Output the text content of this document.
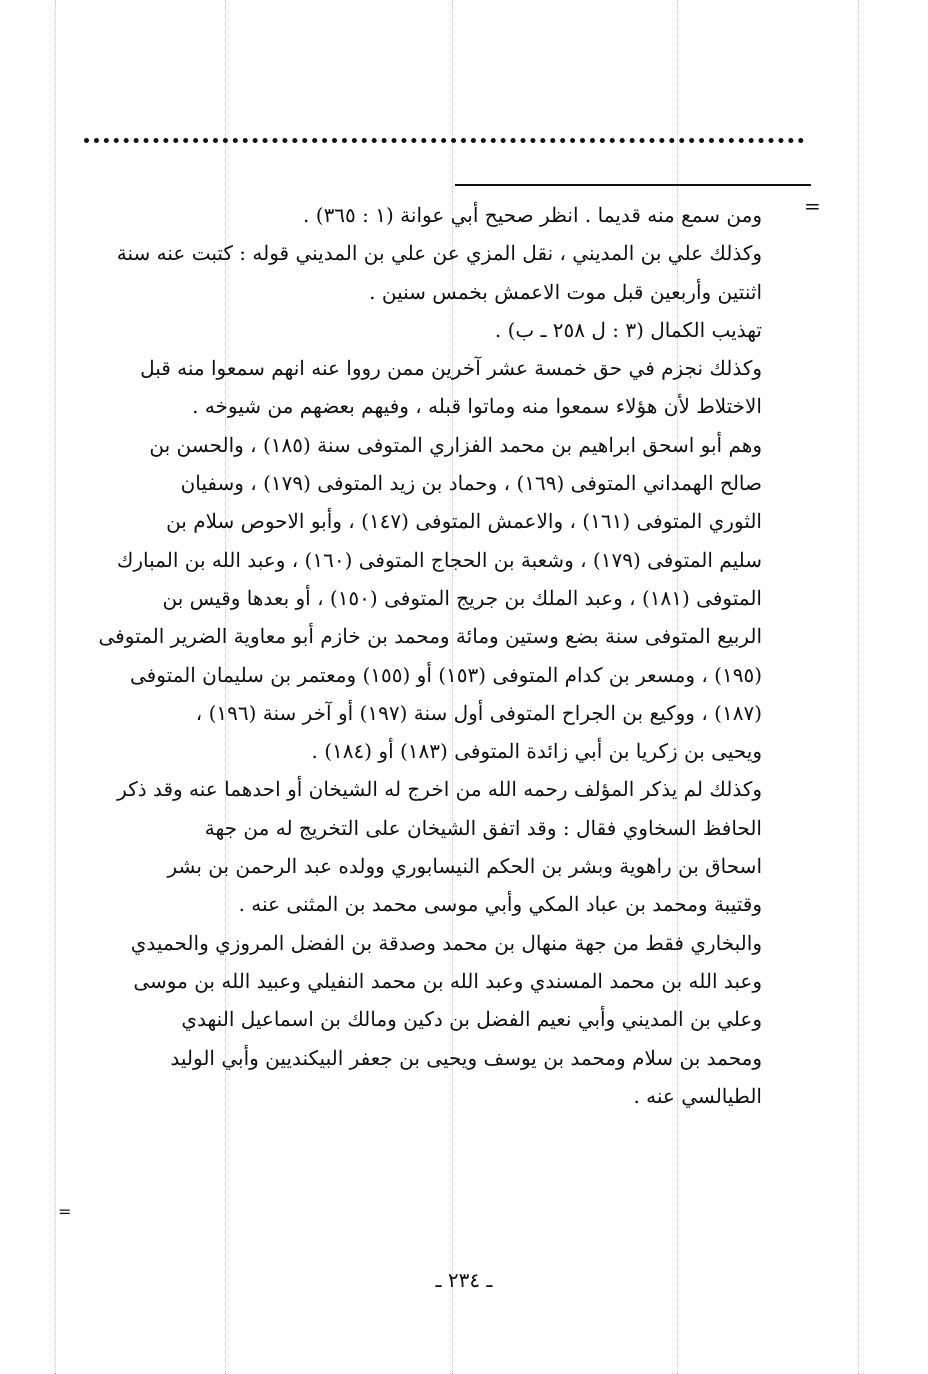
=

ومن سمع منه قديما . انظر صحيح أبي عوانة (١ : ٣٦٥) .

وكذلك علي بن المديني ، نقل المزي عن علي بن المديني قوله : كتبت عنه سنة

اثنتين وأربعين قبل موت الاعمش بخمس سنين .

تهذيب الكمال (٣ : ل ٢٥٨ ـ ب) .

وكذلك نجزم في حق خمسة عشر آخرين ممن رووا عنه انهم سمعوا منه قبل

الاختلاط لأن هؤلاء سمعوا منه وماتوا قبله ، وفيهم بعضهم من شيوخه .

وهم أبو اسحق ابراهيم بن محمد الفزاري المتوفى سنة (١٨٥) ، والحسن بن

صالح الهمداني المتوفى (١٦٩) ، وحماد بن زيد المتوفى (١٧٩) ، وسفيان

الثوري المتوفى (١٦١) ، والاعمش المتوفى (١٤٧) ، وأبو الاحوص سلام بن

سليم المتوفى (١٧٩) ، وشعبة بن الحجاج المتوفى (١٦٠) ، وعبد الله بن المبارك

المتوفى (١٨١) ، وعبد الملك بن جريج المتوفى (١٥٠) ، أو بعدها وقيس بن

الربيع المتوفى سنة بضع وستين ومائة ومحمد بن خازم أبو معاوية الضرير المتوفى

(١٩٥) ، ومسعر بن كدام المتوفى (١٥٣) أو (١٥٥) ومعتمر بن سليمان المتوفى

(١٨٧) ، ووكيع بن الجراح المتوفى أول سنة (١٩٧) أو آخر سنة (١٩٦) ،

ويحيى بن زكريا بن أبي زائدة المتوفى (١٨٣) أو (١٨٤) .

وكذلك لم يذكر المؤلف رحمه الله من اخرج له الشيخان أو احدهما عنه وقد ذكر

الحافظ السخاوي فقال : وقد اتفق الشيخان على التخريج له من جهة

اسحاق بن راهوية وبشر بن الحكم النيسابوري وولده عبد الرحمن بن بشر

وقتيبة ومحمد بن عباد المكي وأبي موسى محمد بن المثنى عنه .

والبخاري فقط من جهة منهال بن محمد وصدقة بن الفضل المروزي والحميدي

وعبد الله بن محمد المسندي وعبد الله بن محمد النفيلي وعبيد الله بن موسى

وعلي بن المديني وأبي نعيم الفضل بن دكين ومالك بن اسماعيل النهدي

ومحمد بن سلام ومحمد بن يوسف ويحيى بن جعفر البيكنديين وأبي الوليد

الطيالسي عنه .

=
ـ ٢٣٤ ـ
